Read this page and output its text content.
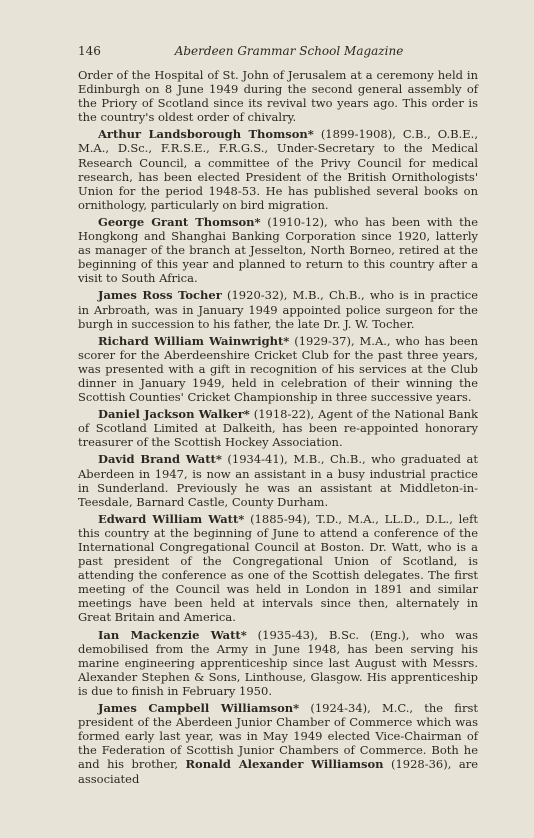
146	Aberdeen Grammar School Magazine

Order of the Hospital of St. John of Jerusalem at a ceremony held in Edinburgh on 8 June 1949 during the second general assembly of the Priory of Scotland since its revival two years ago. This order is the country's oldest order of chivalry.

Arthur Landsborough Thomson* (1899-1908), C.B., O.B.E., M.A., D.Sc., F.R.S.E., F.R.G.S., Under-Secretary to the Medical Research Council, a committee of the Privy Council for medical research, has been elected President of the British Ornithologists' Union for the period 1948-53. He has published several books on ornithology, particularly on bird migration.

George Grant Thomson* (1910-12), who has been with the Hongkong and Shanghai Banking Corporation since 1920, latterly as manager of the branch at Jesselton, North Borneo, retired at the beginning of this year and planned to return to this country after a visit to South Africa.

James Ross Tocher (1920-32), M.B., Ch.B., who is in practice in Arbroath, was in January 1949 appointed police surgeon for the burgh in succession to his father, the late Dr. J. W. Tocher.

Richard William Wainwright* (1929-37), M.A., who has been scorer for the Aberdeenshire Cricket Club for the past three years, was presented with a gift in recognition of his services at the Club dinner in January 1949, held in celebration of their winning the Scottish Counties' Cricket Championship in three successive years.

Daniel Jackson Walker* (1918-22), Agent of the National Bank of Scotland Limited at Dalkeith, has been re-appointed honorary treasurer of the Scottish Hockey Association.

David Brand Watt* (1934-41), M.B., Ch.B., who graduated at Aberdeen in 1947, is now an assistant in a busy industrial practice in Sunderland. Previously he was an assistant at Middleton-in-Teesdale, Barnard Castle, County Durham.

Edward William Watt* (1885-94), T.D., M.A., LL.D., D.L., left this country at the beginning of June to attend a conference of the International Congregational Council at Boston. Dr. Watt, who is a past president of the Congregational Union of Scotland, is attending the conference as one of the Scottish delegates. The first meeting of the Council was held in London in 1891 and similar meetings have been held at intervals since then, alternately in Great Britain and America.

Ian Mackenzie Watt* (1935-43), B.Sc. (Eng.), who was demobilised from the Army in June 1948, has been serving his marine engineering apprenticeship since last August with Messrs. Alexander Stephen & Sons, Linthouse, Glasgow. His apprenticeship is due to finish in February 1950.

James Campbell Williamson* (1924-34), M.C., the first president of the Aberdeen Junior Chamber of Commerce which was formed early last year, was in May 1949 elected Vice-Chairman of the Federation of Scottish Junior Chambers of Commerce. Both he and his brother, Ronald Alexander Williamson (1928-36), are associated
